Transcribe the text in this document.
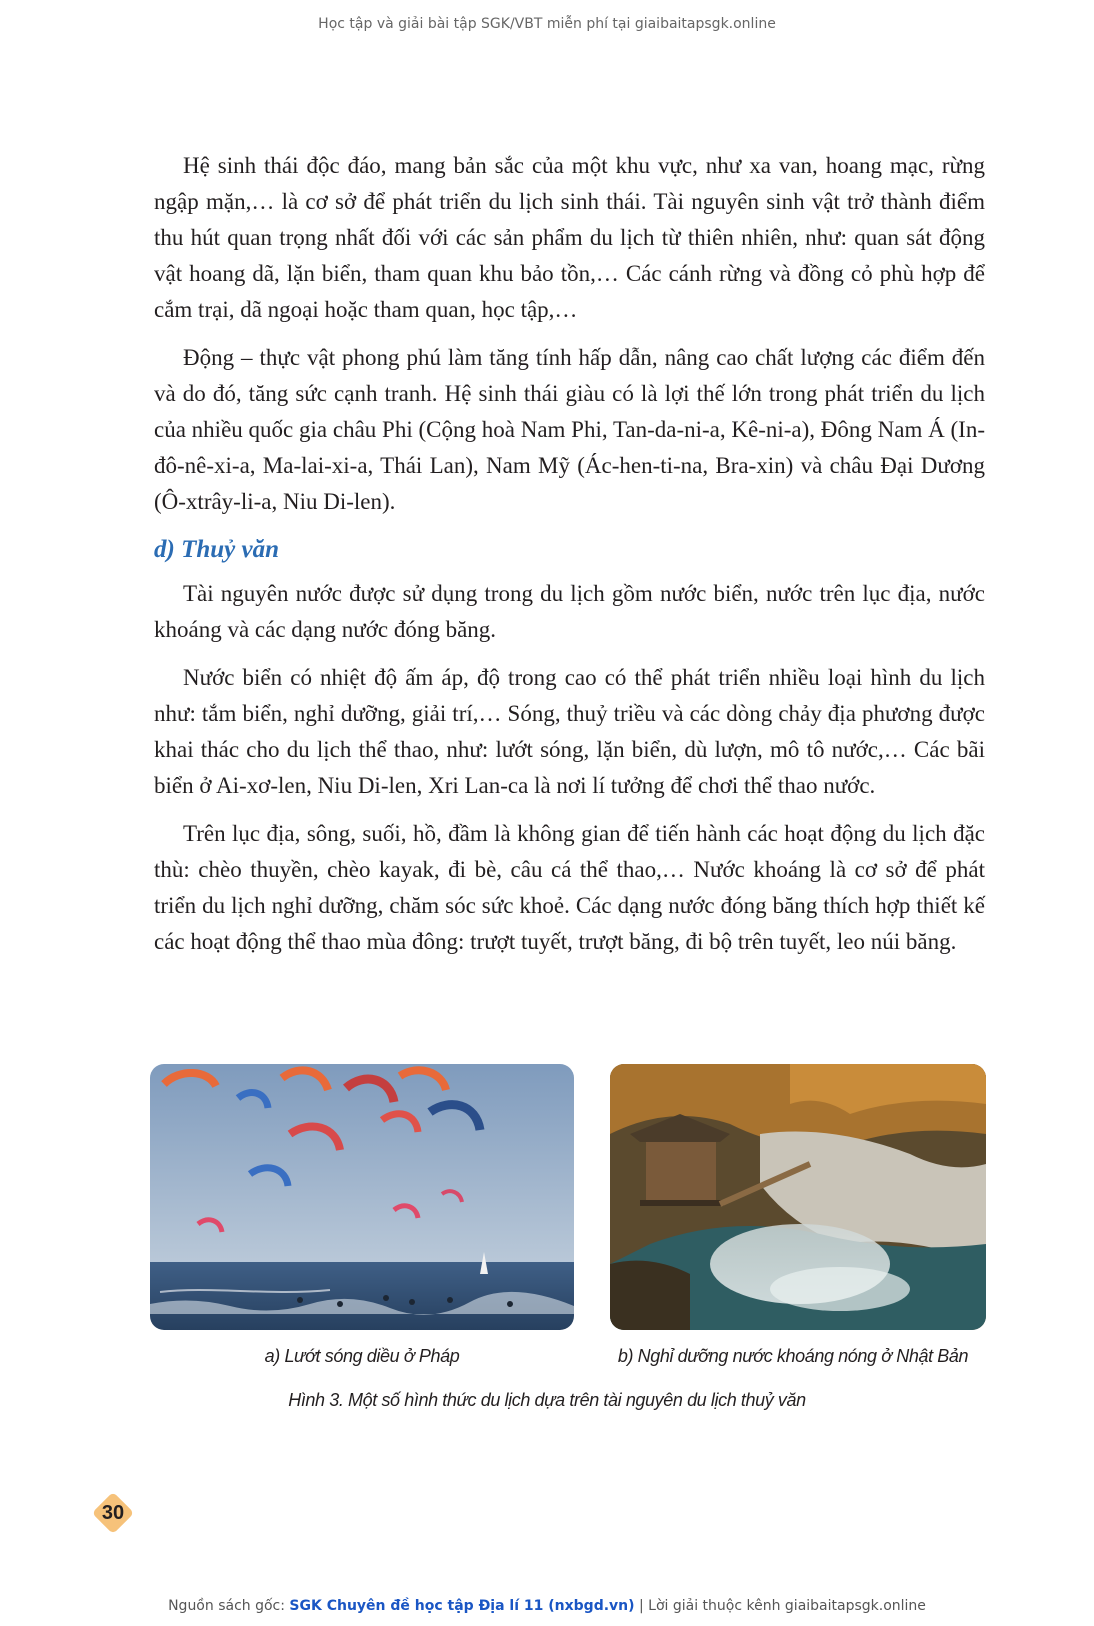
Học tập và giải bài tập SGK/VBT miễn phí tại giaibaitapsgk.online

Hệ sinh thái độc đáo, mang bản sắc của một khu vực, như xa van, hoang mạc, rừng ngập mặn,… là cơ sở để phát triển du lịch sinh thái. Tài nguyên sinh vật trở thành điểm thu hút quan trọng nhất đối với các sản phẩm du lịch từ thiên nhiên, như: quan sát động vật hoang dã, lặn biển, tham quan khu bảo tồn,… Các cánh rừng và đồng cỏ phù hợp để cắm trại, dã ngoại hoặc tham quan, học tập,…

Động – thực vật phong phú làm tăng tính hấp dẫn, nâng cao chất lượng các điểm đến và do đó, tăng sức cạnh tranh. Hệ sinh thái giàu có là lợi thế lớn trong phát triển du lịch của nhiều quốc gia châu Phi (Cộng hoà Nam Phi, Tan-da-ni-a, Kê-ni-a), Đông Nam Á (In-đô-nê-xi-a, Ma-lai-xi-a, Thái Lan), Nam Mỹ (Ác-hen-ti-na, Bra-xin) và châu Đại Dương (Ô-xtrây-li-a, Niu Di-len).

d) Thuỷ văn

Tài nguyên nước được sử dụng trong du lịch gồm nước biển, nước trên lục địa, nước khoáng và các dạng nước đóng băng.

Nước biển có nhiệt độ ấm áp, độ trong cao có thể phát triển nhiều loại hình du lịch như: tắm biển, nghỉ dưỡng, giải trí,… Sóng, thuỷ triều và các dòng chảy địa phương được khai thác cho du lịch thể thao, như: lướt sóng, lặn biển, dù lượn, mô tô nước,… Các bãi biển ở Ai-xơ-len, Niu Di-len, Xri Lan-ca là nơi lí tưởng để chơi thể thao nước.

Trên lục địa, sông, suối, hồ, đầm là không gian để tiến hành các hoạt động du lịch đặc thù: chèo thuyền, chèo kayak, đi bè, câu cá thể thao,… Nước khoáng là cơ sở để phát triển du lịch nghỉ dưỡng, chăm sóc sức khoẻ. Các dạng nước đóng băng thích hợp thiết kế các hoạt động thể thao mùa đông: trượt tuyết, trượt băng, đi bộ trên tuyết, leo núi băng.

a) Lướt sóng diều ở Pháp	b) Nghỉ dưỡng nước khoáng nóng ở Nhật Bản
Hình 3. Một số hình thức du lịch dựa trên tài nguyên du lịch thuỷ văn
30
Nguồn sách gốc: SGK Chuyên đề học tập Địa lí 11 (nxbgd.vn) | Lời giải thuộc kênh giaibaitapsgk.online
